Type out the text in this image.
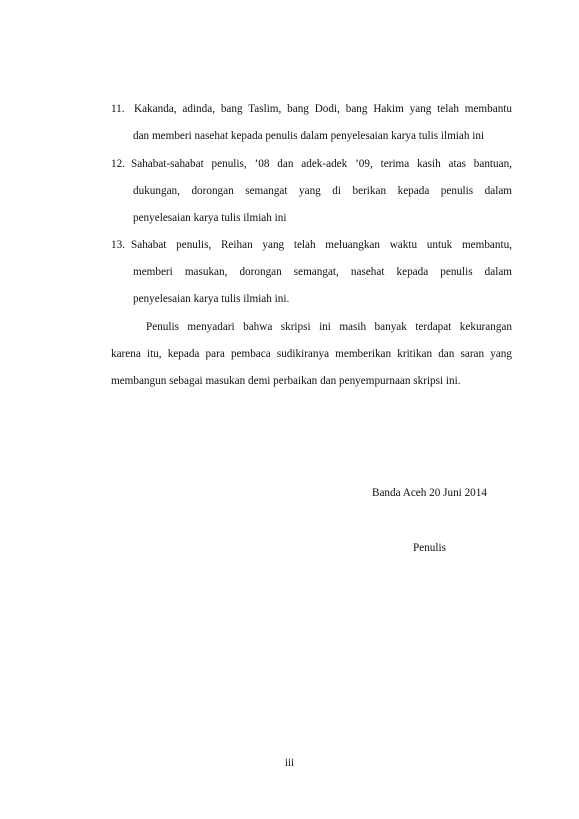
11. Kakanda, adinda, bang Taslim, bang Dodi, bang Hakim yang telah membantu
dan memberi nasehat kepada penulis dalam penyelesaian karya tulis ilmiah ini
12. Sahabat-sahabat penulis, ’08 dan adek-adek ’09, terima kasih atas bantuan,
dukungan, dorongan semangat yang di berikan kepada penulis dalam
penyelesaian karya tulis ilmiah ini
13. Sahabat penulis, Reihan yang telah meluangkan waktu untuk membantu,
memberi masukan, dorongan semangat, nasehat kepada penulis dalam
penyelesaian karya tulis ilmiah ini.
Penulis menyadari bahwa skripsi ini masih banyak terdapat kekurangan
karena itu, kepada para pembaca sudikiranya memberikan kritikan dan saran yang
membangun sebagai masukan demi perbaikan dan penyempurnaan skripsi ini.
Banda Aceh 20 Juni 2014
Penulis
iii
